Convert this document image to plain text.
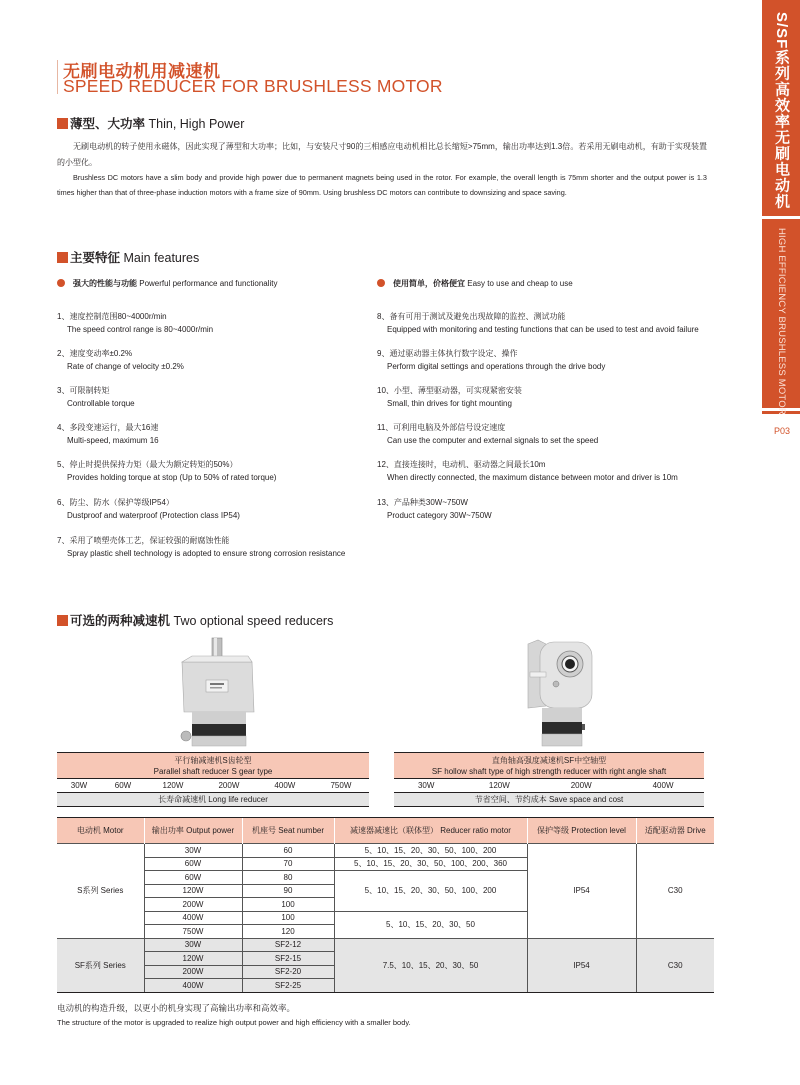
S/SF系列高效率无刷电动机
HIGH EFFICIENCY BRUSHLESS MOTOR
P03
无刷电动机用减速机
SPEED REDUCER FOR BRUSHLESS MOTOR
薄型、大功率 Thin, High Power

无刷电动机的转子使用永磁体，因此实现了薄型和大功率；比如，与安装尺寸90的三相感应电动机相比总长缩短>75mm，输出功率达到1.3倍。若采用无刷电动机，有助于实现装置的小型化。

Brushless DC motors have a slim body and provide high power due to permanent magnets being used in the rotor. For example, the overall length is 75mm shorter and the output power is 1.3 times higher than that of three-phase induction motors with a frame size of 90mm. Using brushless DC motors can contribute to downsizing and space saving.

主要特征 Main features
强大的性能与功能 Powerful performance and functionality	使用简单，价格便宜 Easy to use and cheap to use
1、速度控制范围80~4000r/min
The speed control range is 80~4000r/min
2、速度变动率±0.2%
Rate of change of velocity ±0.2%
3、可限制转矩
Controllable torque
4、多段变速运行，最大16速
Multi-speed, maximum 16
5、停止时提供保持力矩（最大为额定转矩的50%）
Provides holding torque at stop (Up to 50% of rated torque)
6、防尘、防水（保护等级IP54）
Dustproof and waterproof (Protection class IP54)
7、采用了喷塑壳体工艺，保证较强的耐腐蚀性能
Spray plastic shell technology is adopted to ensure strong corrosion resistance
8、备有可用于测试及避免出现故障的监控、测试功能
Equipped with monitoring and testing functions that can be used to test and avoid failure
9、通过驱动器主体执行数字设定、操作
Perform digital settings and operations through the drive body
10、小型、薄型驱动器，可实现紧密安装
Small, thin drives for tight mounting
11、可利用电脑及外部信号设定速度
Can use the computer and external signals to set the speed
12、直接连接时，电动机、驱动器之间最长10m
When directly connected, the maximum distance between motor and driver is 10m
13、产品种类30W~750W
Product category 30W~750W
可选的两种减速机 Two optional speed reducers
平行轴减速机S齿轮型
Parallel shaft reducer S gear type

30W	60W	120W	200W	400W	750W
长寿命减速机 Long life reducer
直角轴高强度减速机SF中空轴型
SF hollow shaft type of high strength reducer with right angle shaft

30W	120W	200W	400W
节省空间、节约成本 Save space and cost
电动机 Motor	输出功率 Output power	机座号 Seat number	减速器减速比（联体型） Reducer ratio motor	保护等级 Protection level	适配驱动器 Drive
S系列 Series	30W	60	5、10、15、20、30、50、100、200	IP54	C30
	60W	70	5、10、15、20、30、50、100、200、360		
	60W	80	5、10、15、20、30、50、100、200		
	120W	90			
	200W	100			
	400W	100	5、10、15、20、30、50		
	750W	120			
SF系列 Series	30W	SF2-12	7.5、10、15、20、30、50	IP54	C30
	120W	SF2-15			
	200W	SF2-20			
	400W	SF2-25			
电动机的构造升级，以更小的机身实现了高输出功率和高效率。
The structure of the motor is upgraded to realize high output power and high efficiency with a smaller body.
